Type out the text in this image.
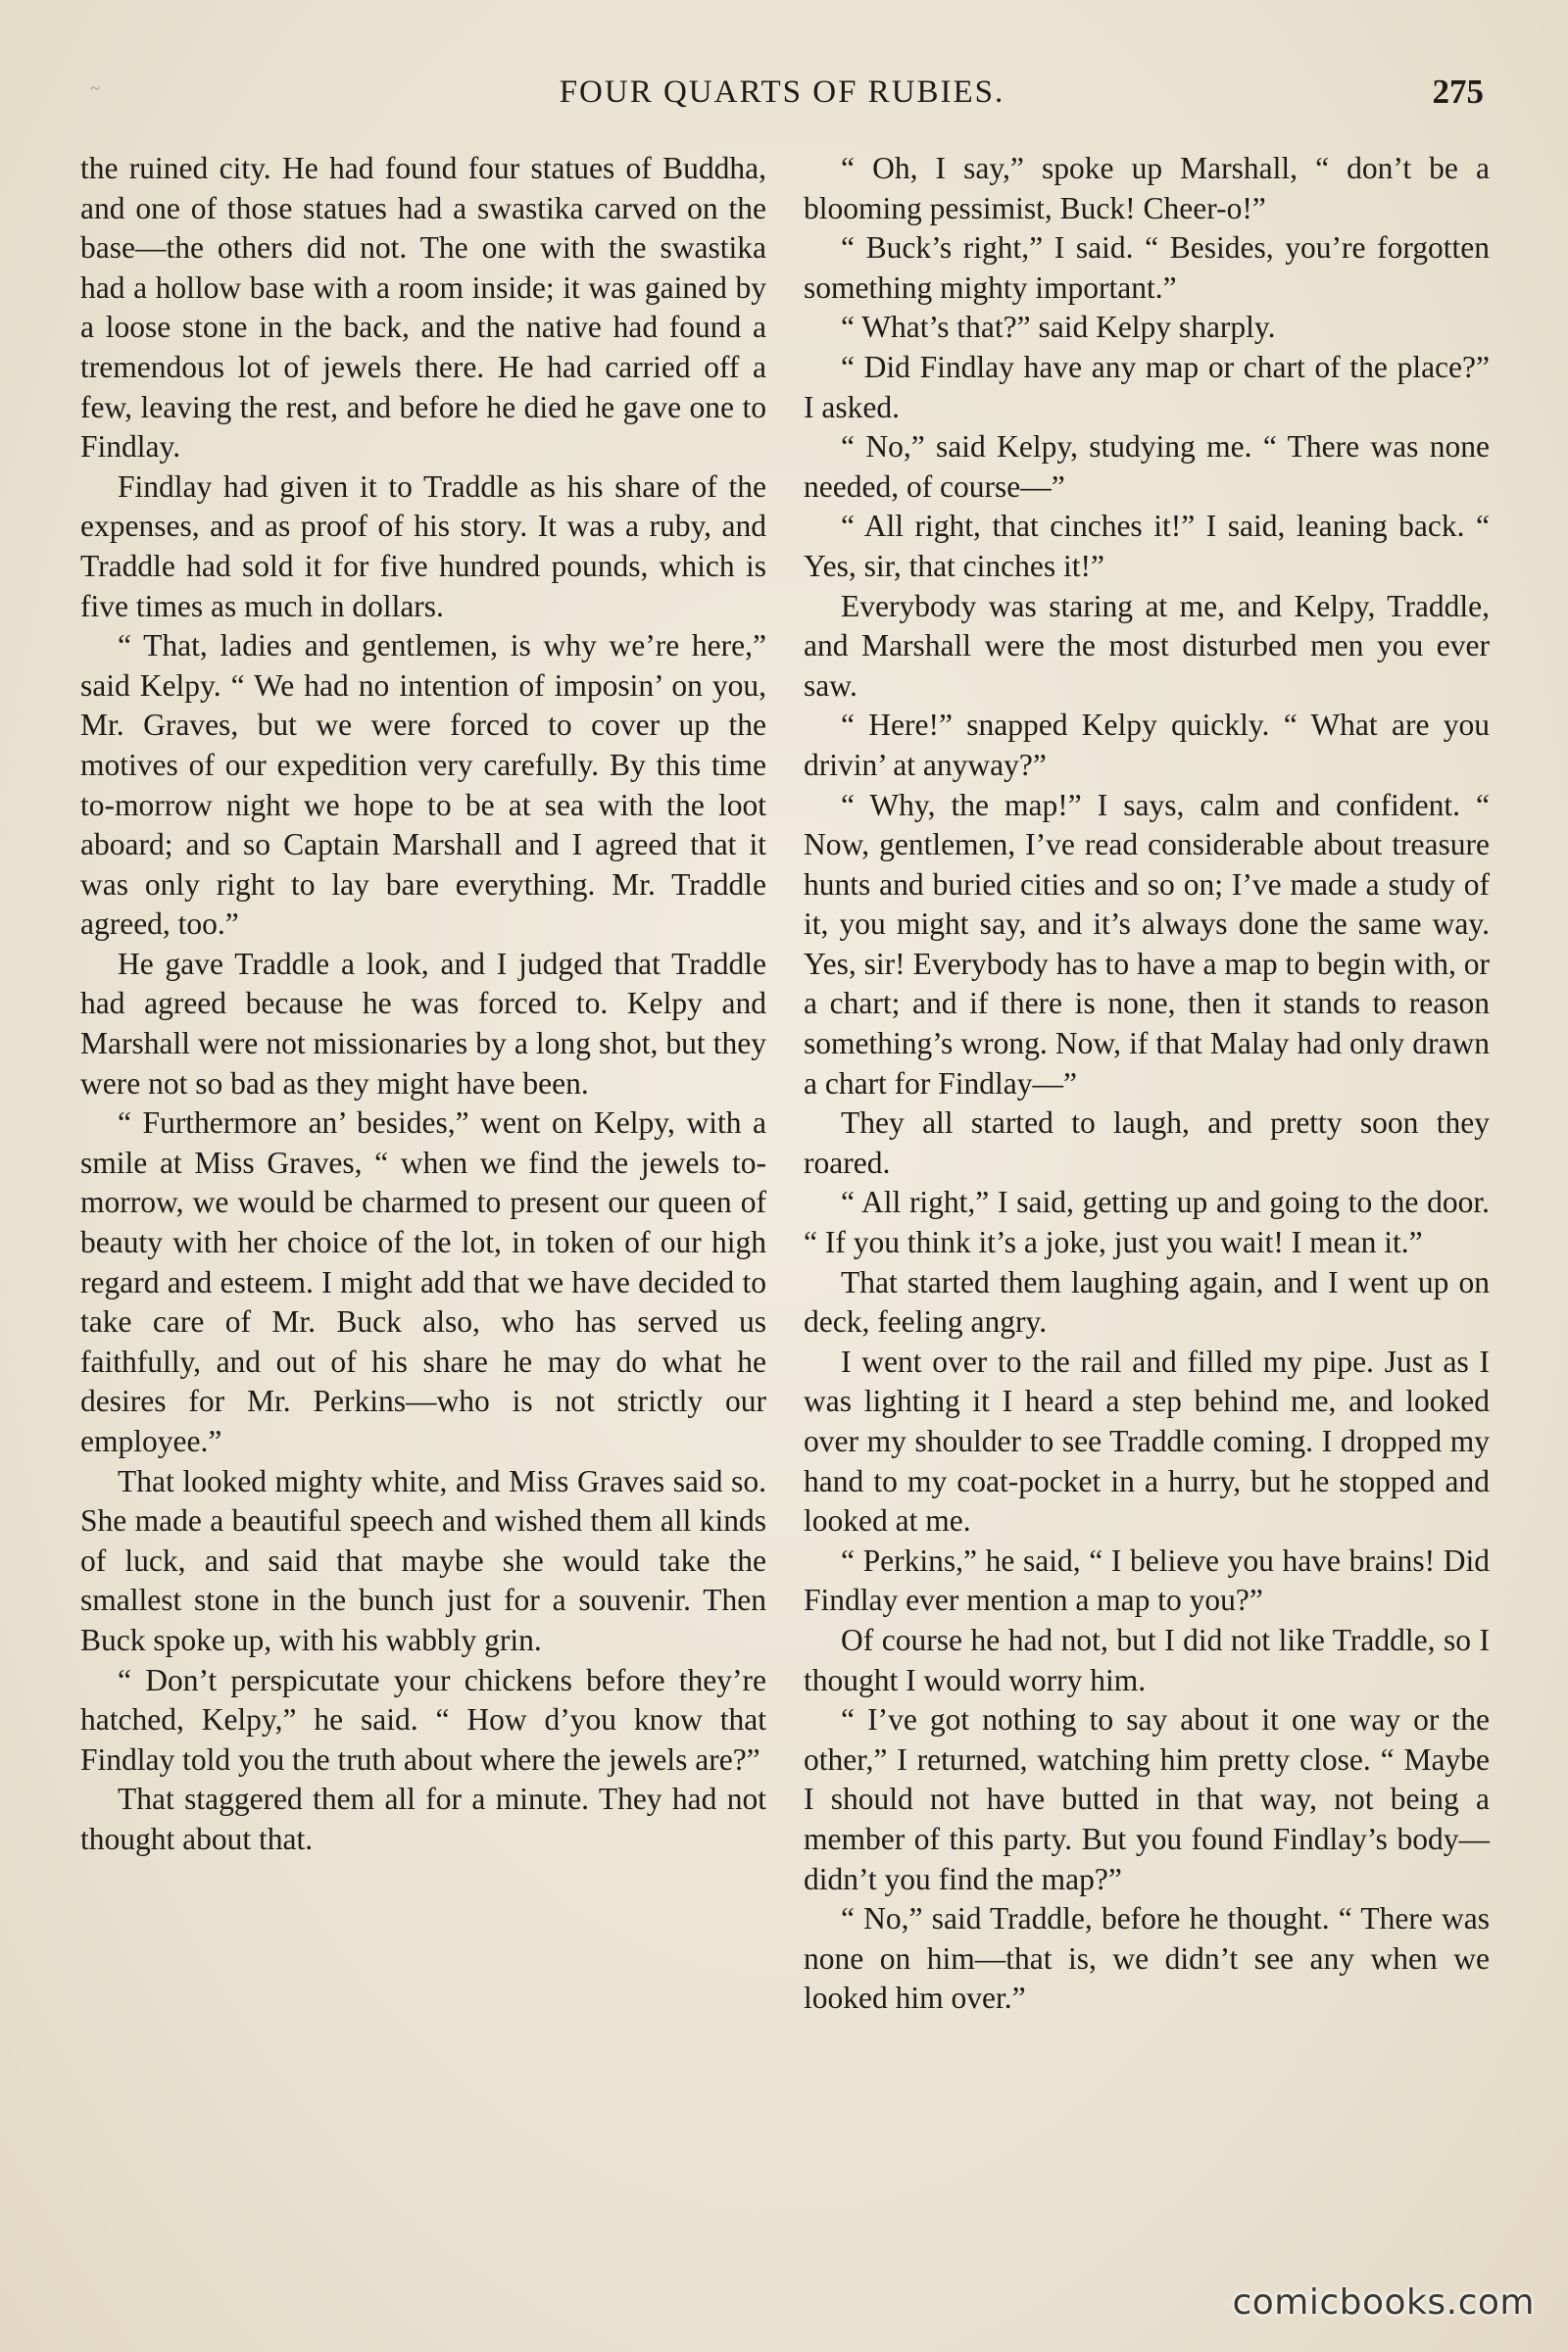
~	FOUR QUARTS OF RUBIES.	275

the ruined city. He had found four statues of Buddha, and one of those statues had a swastika carved on the base—the others did not. The one with the swastika had a hollow base with a room inside; it was gained by a loose stone in the back, and the native had found a tremendous lot of jewels there. He had carried off a few, leaving the rest, and before he died he gave one to Findlay.

Findlay had given it to Traddle as his share of the expenses, and as proof of his story. It was a ruby, and Traddle had sold it for five hundred pounds, which is five times as much in dollars.

“ That, ladies and gentlemen, is why we’re here,” said Kelpy. “ We had no intention of imposin’ on you, Mr. Graves, but we were forced to cover up the motives of our expedition very carefully. By this time to-morrow night we hope to be at sea with the loot aboard; and so Captain Marshall and I agreed that it was only right to lay bare everything. Mr. Traddle agreed, too.”

He gave Traddle a look, and I judged that Traddle had agreed because he was forced to. Kelpy and Marshall were not missionaries by a long shot, but they were not so bad as they might have been.

“ Furthermore an’ besides,” went on Kelpy, with a smile at Miss Graves, “ when we find the jewels to-morrow, we would be charmed to present our queen of beauty with her choice of the lot, in token of our high regard and esteem. I might add that we have decided to take care of Mr. Buck also, who has served us faithfully, and out of his share he may do what he desires for Mr. Perkins—who is not strictly our employee.”

That looked mighty white, and Miss Graves said so. She made a beautiful speech and wished them all kinds of luck, and said that maybe she would take the smallest stone in the bunch just for a souvenir. Then Buck spoke up, with his wabbly grin.

“ Don’t perspicutate your chickens before they’re hatched, Kelpy,” he said. “ How d’you know that Findlay told you the truth about where the jewels are?”

That staggered them all for a minute. They had not thought about that.

“ Oh, I say,” spoke up Marshall, “ don’t be a blooming pessimist, Buck! Cheer-o!”

“ Buck’s right,” I said. “ Besides, you’re forgotten something mighty important.”

“ What’s that?” said Kelpy sharply.

“ Did Findlay have any map or chart of the place?” I asked.

“ No,” said Kelpy, studying me. “ There was none needed, of course—”

“ All right, that cinches it!” I said, leaning back. “ Yes, sir, that cinches it!”

Everybody was staring at me, and Kelpy, Traddle, and Marshall were the most disturbed men you ever saw.

“ Here!” snapped Kelpy quickly. “ What are you drivin’ at anyway?”

“ Why, the map!” I says, calm and confident. “ Now, gentlemen, I’ve read considerable about treasure hunts and buried cities and so on; I’ve made a study of it, you might say, and it’s always done the same way. Yes, sir! Everybody has to have a map to begin with, or a chart; and if there is none, then it stands to reason something’s wrong. Now, if that Malay had only drawn a chart for Findlay—”

They all started to laugh, and pretty soon they roared.

“ All right,” I said, getting up and going to the door. “ If you think it’s a joke, just you wait! I mean it.”

That started them laughing again, and I went up on deck, feeling angry.

I went over to the rail and filled my pipe. Just as I was lighting it I heard a step behind me, and looked over my shoulder to see Traddle coming. I dropped my hand to my coat-pocket in a hurry, but he stopped and looked at me.

“ Perkins,” he said, “ I believe you have brains! Did Findlay ever mention a map to you?”

Of course he had not, but I did not like Traddle, so I thought I would worry him.

“ I’ve got nothing to say about it one way or the other,” I returned, watching him pretty close. “ Maybe I should not have butted in that way, not being a member of this party. But you found Findlay’s body—didn’t you find the map?”

“ No,” said Traddle, before he thought. “ There was none on him—that is, we didn’t see any when we looked him over.”

comicbooks.com
